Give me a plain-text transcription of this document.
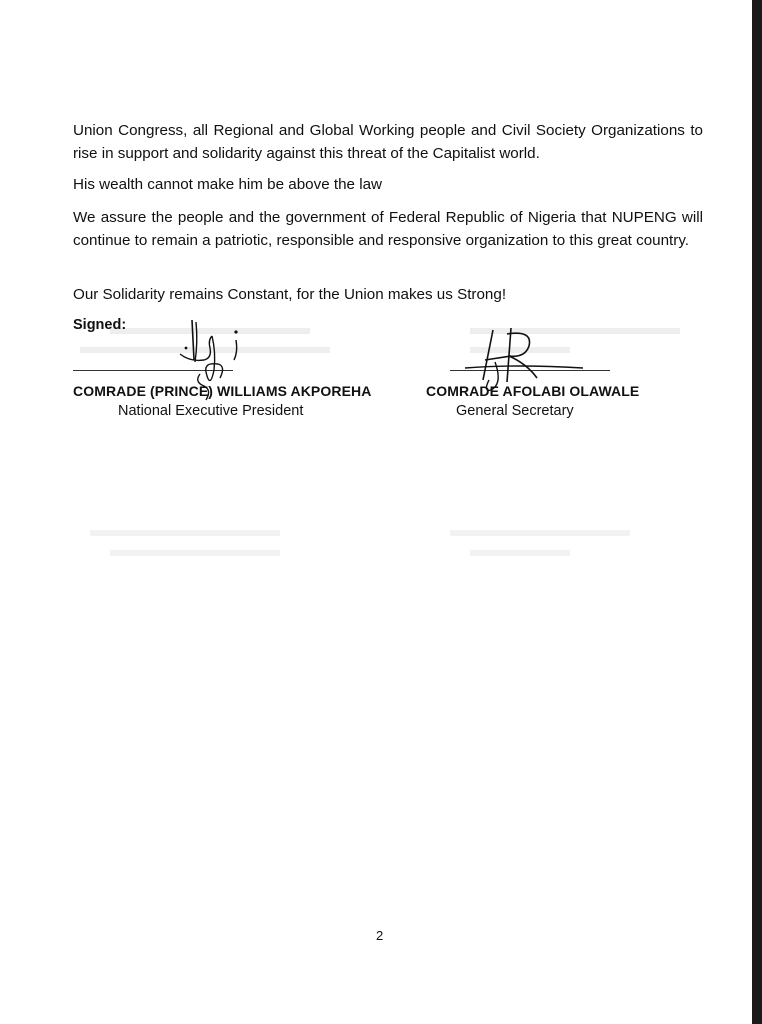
Union Congress, all Regional and Global Working people and Civil Society Organizations to rise in support and solidarity against this threat of the Capitalist world.

His wealth cannot make him be above the law

We assure the people and the government of Federal Republic of Nigeria that NUPENG will continue to remain a patriotic, responsible and responsive organization to this great country.

Our Solidarity remains Constant, for the Union makes us Strong!

Signed:
COMRADE (PRINCE) WILLIAMS AKPOREHA
National Executive President
COMRADE AFOLABI OLAWALE
General Secretary
2
